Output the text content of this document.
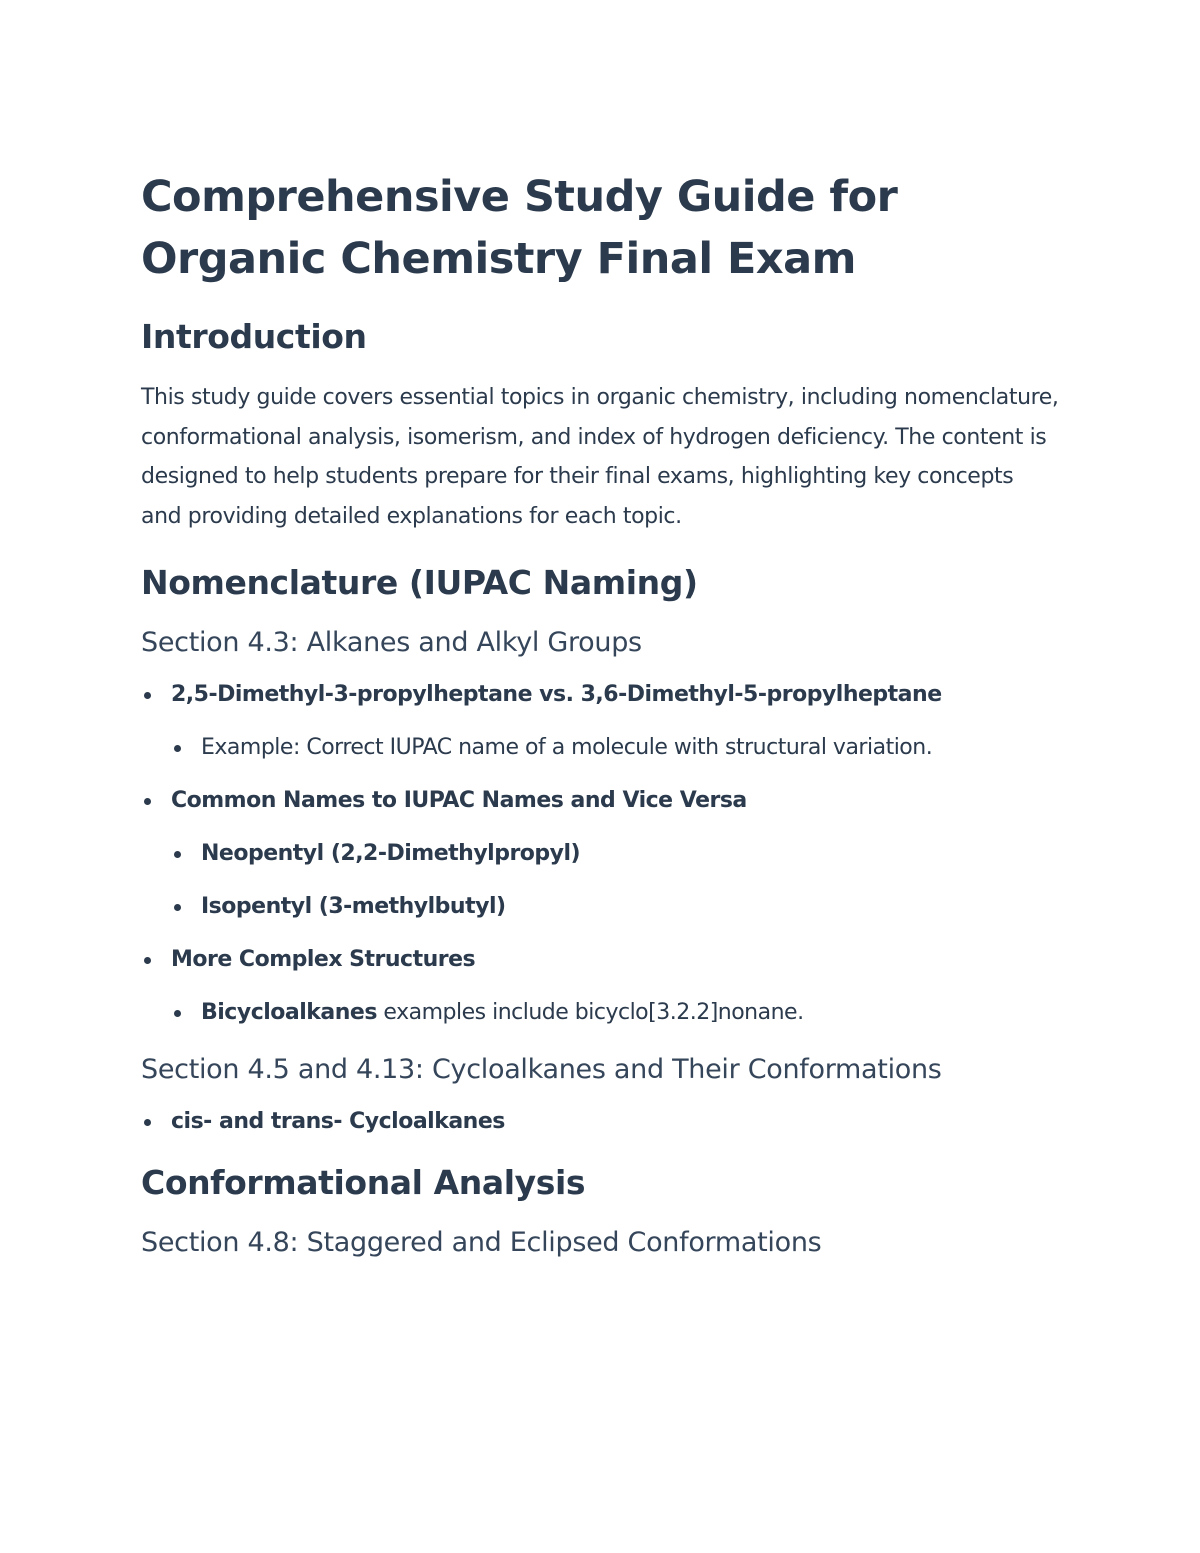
Comprehensive Study Guide for
Organic Chemistry Final Exam
Introduction

This study guide covers essential topics in organic chemistry, including nomenclature, conformational analysis, isomerism, and index of hydrogen deficiency. The content is designed to help students prepare for their final exams, highlighting key concepts and providing detailed explanations for each topic.

Nomenclature (IUPAC Naming)
Section 4.3: Alkanes and Alkyl Groups
2,5-Dimethyl-3-propylheptane vs. 3,6-Dimethyl-5-propylheptane
Example: Correct IUPAC name of a molecule with structural variation.
Common Names to IUPAC Names and Vice Versa
Neopentyl (2,2-Dimethylpropyl)
Isopentyl (3-methylbutyl)
More Complex Structures
Bicycloalkanes examples include bicyclo[3.2.2]nonane.
Section 4.5 and 4.13: Cycloalkanes and Their Conformations
cis- and trans- Cycloalkanes
Conformational Analysis
Section 4.8: Staggered and Eclipsed Conformations
